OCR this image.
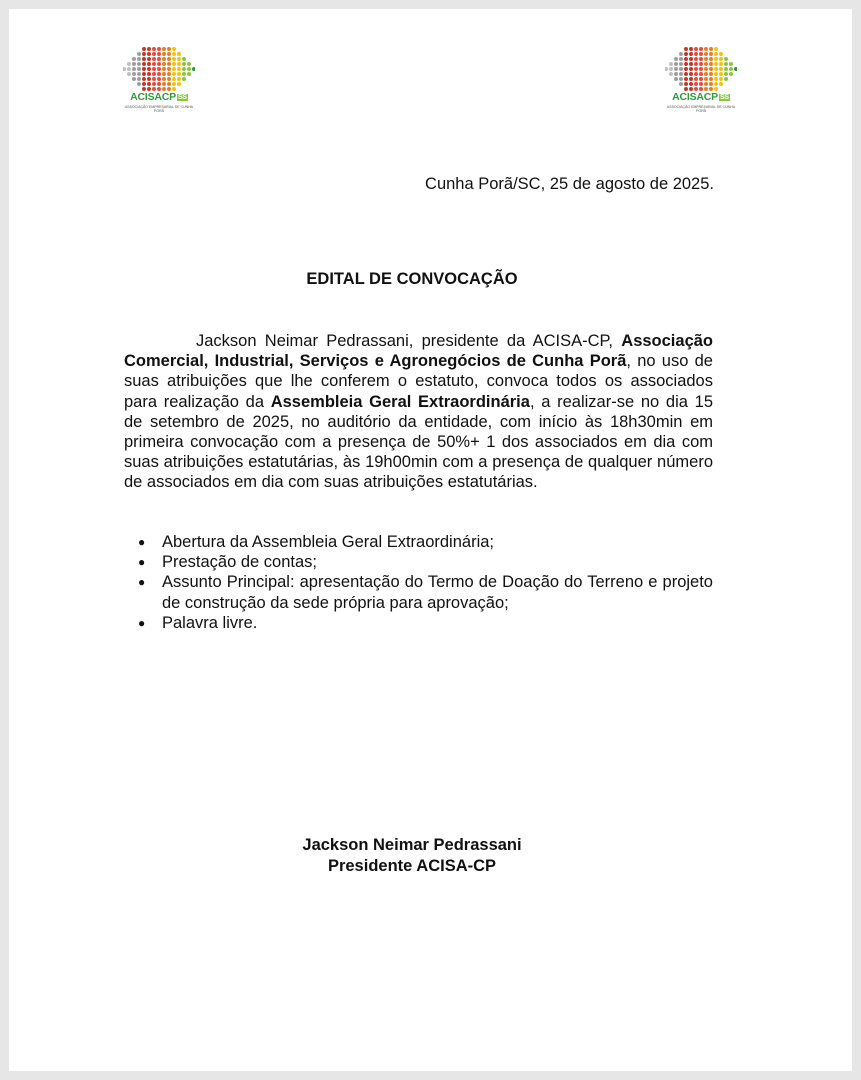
ACISACP SS
ASSOCIAÇÃO EMPRESARIAL DE CUNHA PORÃ
ACISACP SS
ASSOCIAÇÃO EMPRESARIAL DE CUNHA PORÃ
Cunha Porã/SC, 25 de agosto de 2025.
EDITAL DE CONVOCAÇÃO

Jackson Neimar Pedrassani, presidente da ACISA-CP, Associação Comercial, Industrial, Serviços e Agronegócios de Cunha Porã, no uso de suas atribuições que lhe conferem o estatuto, convoca todos os associados para realização da Assembleia Geral Extraordinária, a realizar-se no dia 15 de setembro de 2025, no auditório da entidade, com início às 18h30min em primeira convocação com a presença de 50%+ 1 dos associados em dia com suas atribuições estatutárias, às 19h00min com a presença de qualquer número de associados em dia com suas atribuições estatutárias.

● Abertura da Assembleia Geral Extraordinária;
● Prestação de contas;
● Assunto Principal: apresentação do Termo de Doação do Terreno e projeto de construção da sede própria para aprovação;
● Palavra livre.
Jackson Neimar Pedrassani
Presidente ACISA-CP
